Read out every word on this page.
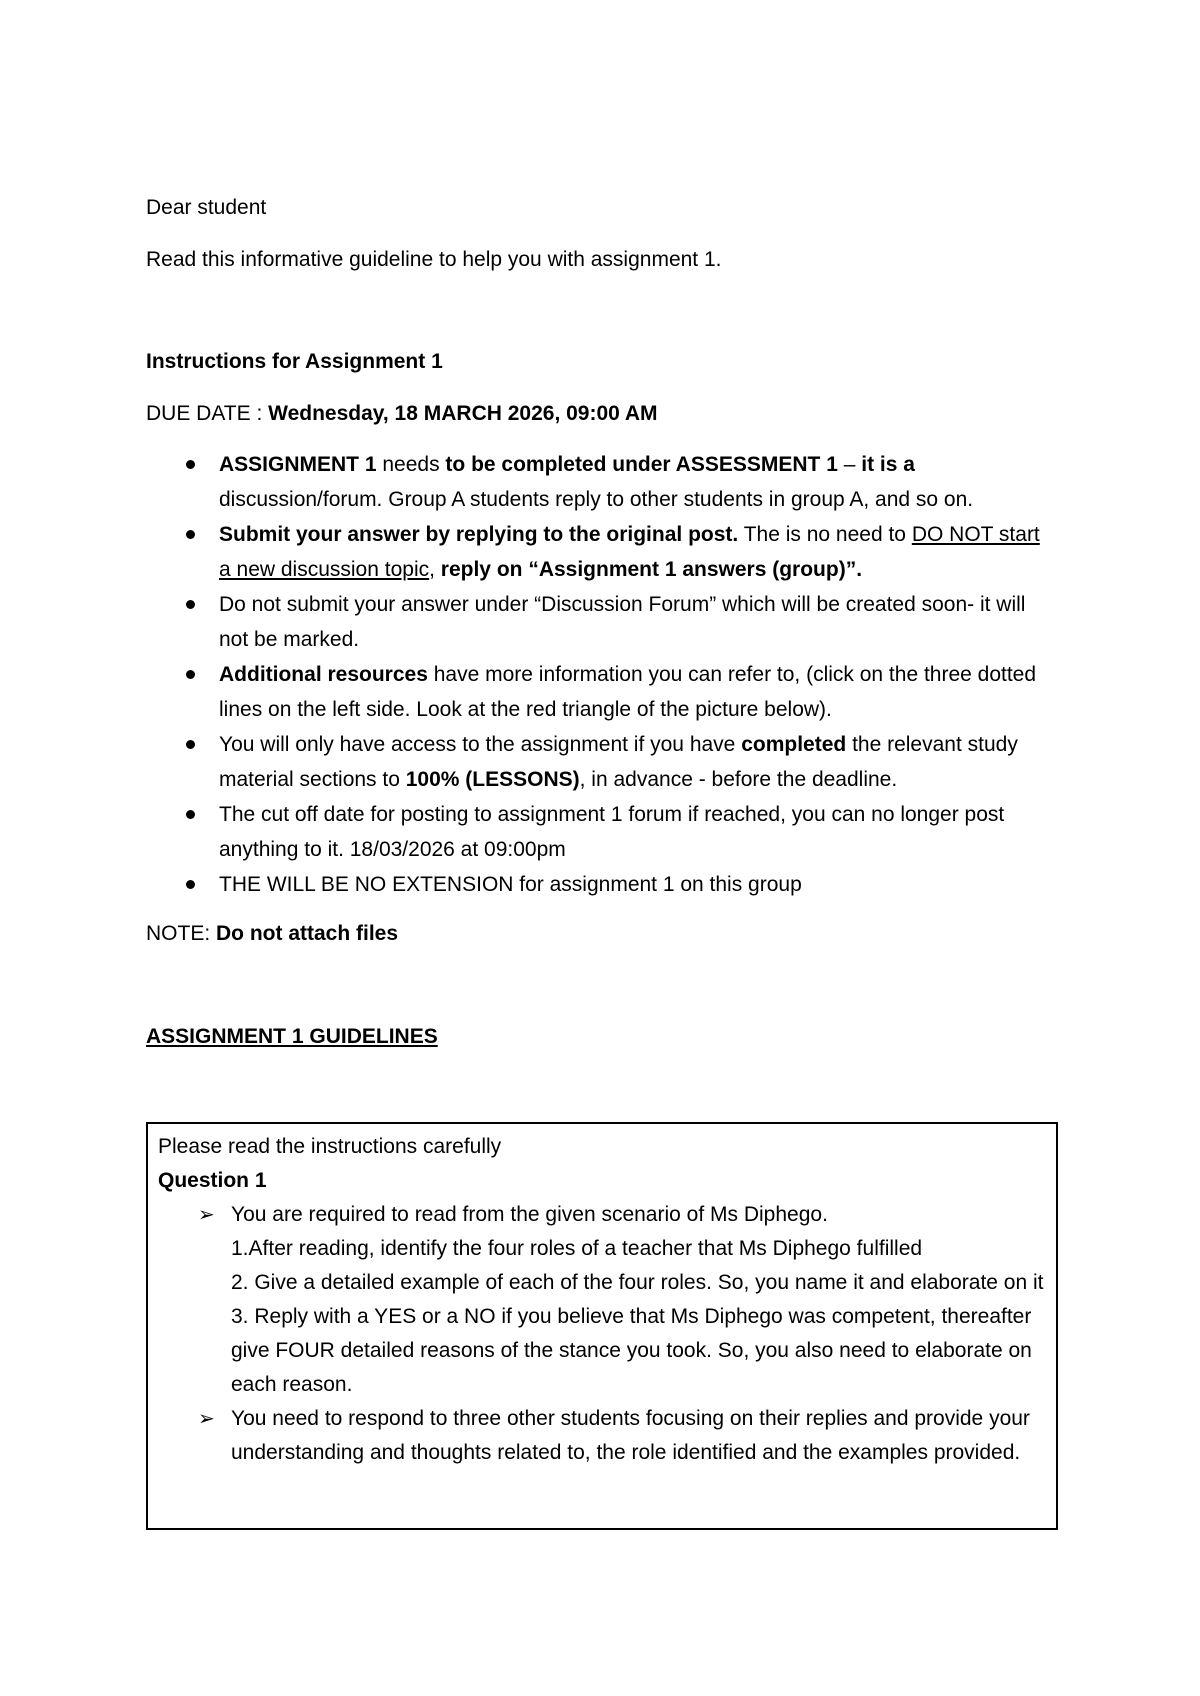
Dear student

Read this informative guideline to help you with assignment 1.

Instructions for Assignment 1

DUE DATE : Wednesday, 18 MARCH 2026, 09:00 AM

ASSIGNMENT 1 needs to be completed under ASSESSMENT 1 – it is a discussion/forum. Group A students reply to other students in group A, and so on.
Submit your answer by replying to the original post. The is no need to DO NOT start a new discussion topic, reply on “Assignment 1 answers (group)”.
Do not submit your answer under “Discussion Forum” which will be created soon- it will not be marked.
Additional resources have more information you can refer to, (click on the three dotted lines on the left side. Look at the red triangle of the picture below).
You will only have access to the assignment if you have completed the relevant study material sections to 100% (LESSONS), in advance - before the deadline.
The cut off date for posting to assignment 1 forum if reached, you can no longer post anything to it. 18/03/2026 at 09:00pm
THE WILL BE NO EXTENSION for assignment 1 on this group

NOTE: Do not attach files

ASSIGNMENT 1 GUIDELINES

Please read the instructions carefully

Question 1

➢ You are required to read from the given scenario of Ms Diphego.

1.After reading, identify the four roles of a teacher that Ms Diphego fulfilled

2. Give a detailed example of each of the four roles. So, you name it and elaborate on it

3. Reply with a YES or a NO if you believe that Ms Diphego was competent, thereafter give FOUR detailed reasons of the stance you took. So, you also need to elaborate on each reason.

➢ You need to respond to three other students focusing on their replies and provide your understanding and thoughts related to, the role identified and the examples provided.
